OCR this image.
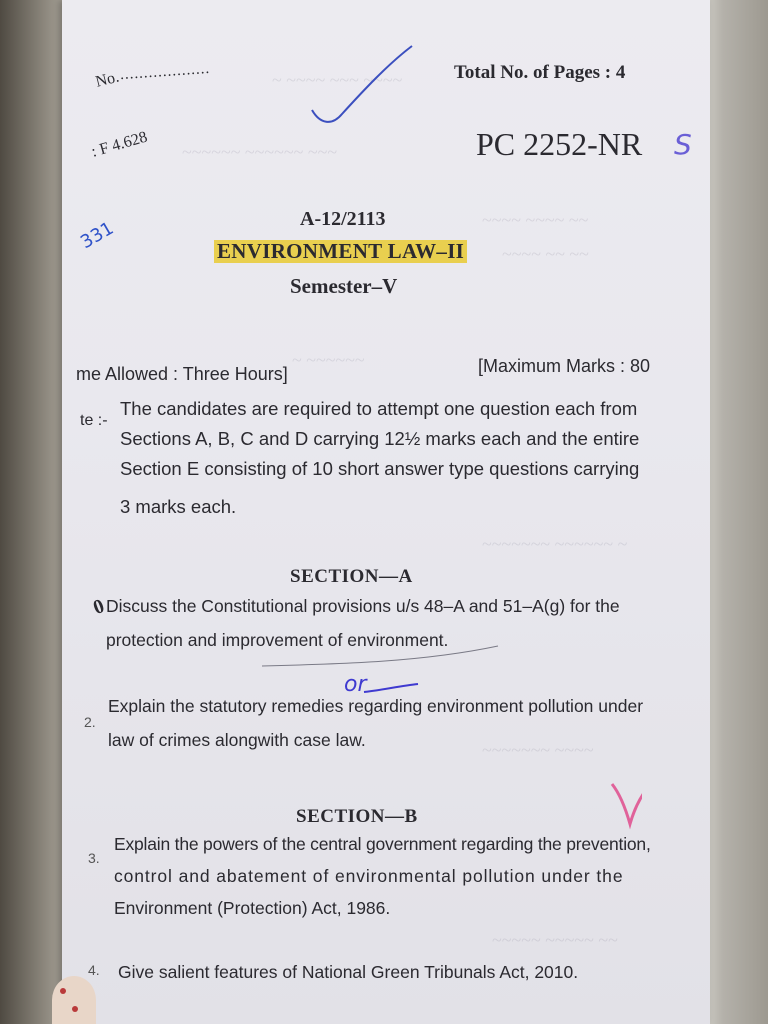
~ ~~~~ ~~~ ~~~~
~~~~~~ ~~~~~~ ~~~
~~~~ ~~~~ ~~
~~~~ ~~ ~~
~ ~~~~~~
~~~~~~~ ~~~~~~ ~
~~~~~~~ ~~~~
~~~~~ ~~~~~ ~~
No.
...................	Total No. of Pages : 4
: F 4.628	PC 2252-NR S
331	A-12/2113
ENVIRONMENT LAW–II
Semester–V
me Allowed : Three Hours]	[Maximum Marks : 80
te :-
The candidates are required to attempt one question each from
Sections A, B, C and D carrying 12½ marks each and the entire
Section E consisting of 10 short answer type questions carrying
3 marks each.
SECTION—A
0
Discuss the Constitutional provisions u/s 48–A and 51–A(g) for the
protection and improvement of environment.
or
2.
Explain the statutory remedies regarding environment pollution under
law of crimes alongwith case law.
SECTION—B
3.
Explain the powers of the central government regarding the prevention,
control and abatement of environmental pollution under the
Environment (Protection) Act, 1986.
4. Give salient features of National Green Tribunals Act, 2010.
